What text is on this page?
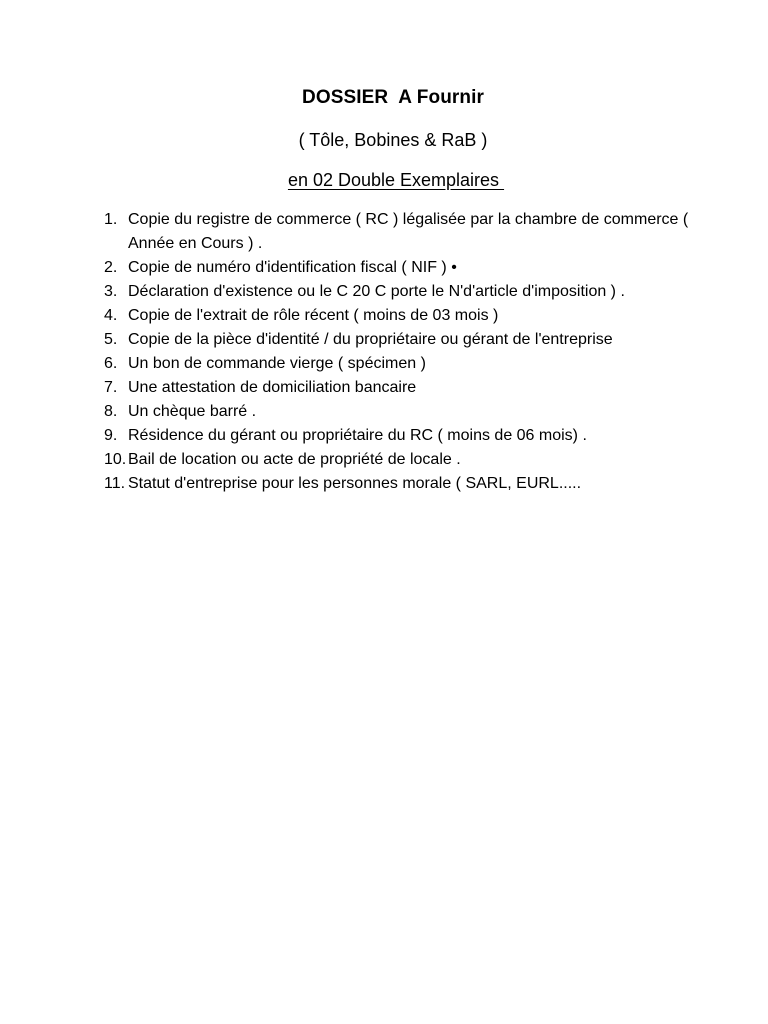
DOSSIER  A Fournir
( Tôle, Bobines & RaB )
en 02 Double Exemplaires
1. Copie du registre de commerce ( RC ) légalisée par la chambre de commerce ( Année en Cours ) .
2. Copie de numéro d'identification fiscal ( NIF ) •
3. Déclaration d'existence ou le C 20 C porte le N'd'article d'imposition ) .
4. Copie de l'extrait de rôle récent ( moins de 03 mois )
5. Copie de la pièce d'identité / du propriétaire ou gérant de l'entreprise
6. Un bon de commande vierge ( spécimen )
7. Une attestation de domiciliation bancaire
8. Un chèque barré .
9. Résidence du gérant ou propriétaire du RC ( moins de 06 mois) .
10. Bail de location ou acte de propriété de locale .
11. Statut d'entreprise pour les personnes morale ( SARL, EURL.....
